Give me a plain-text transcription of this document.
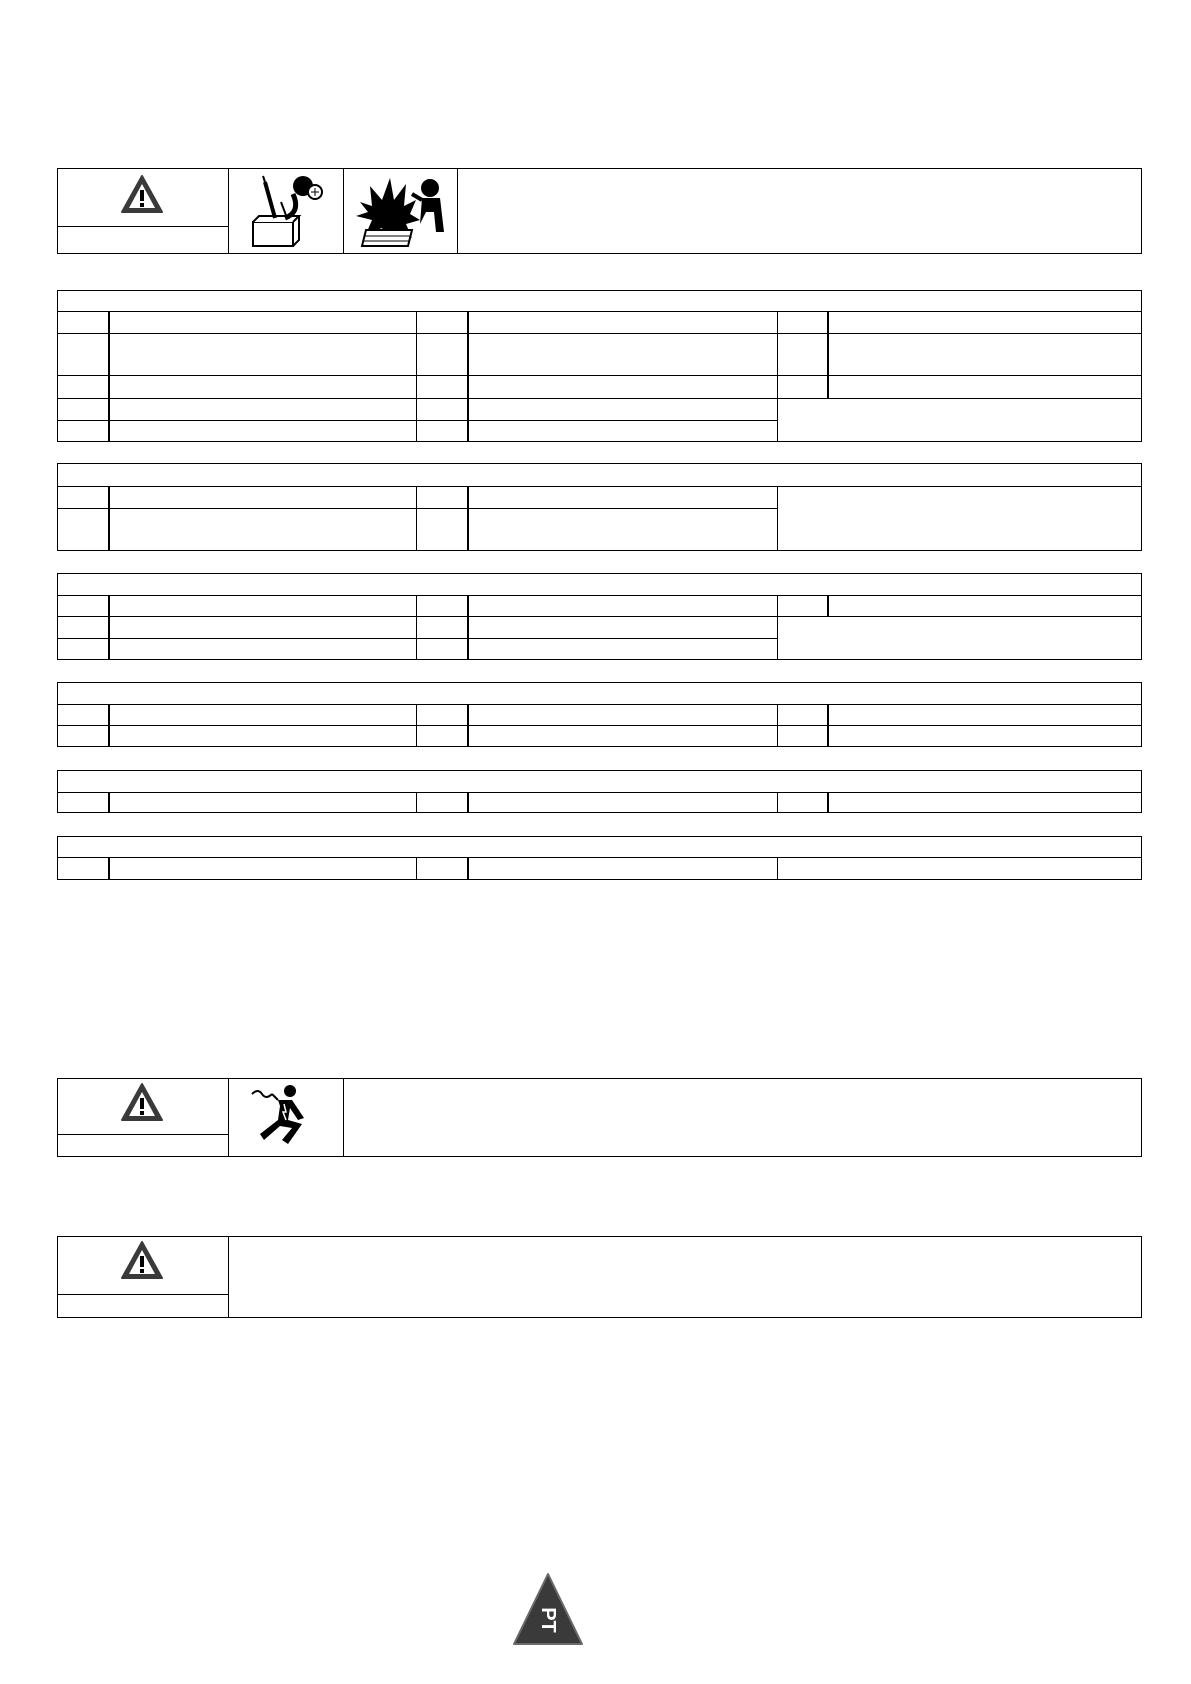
PT
